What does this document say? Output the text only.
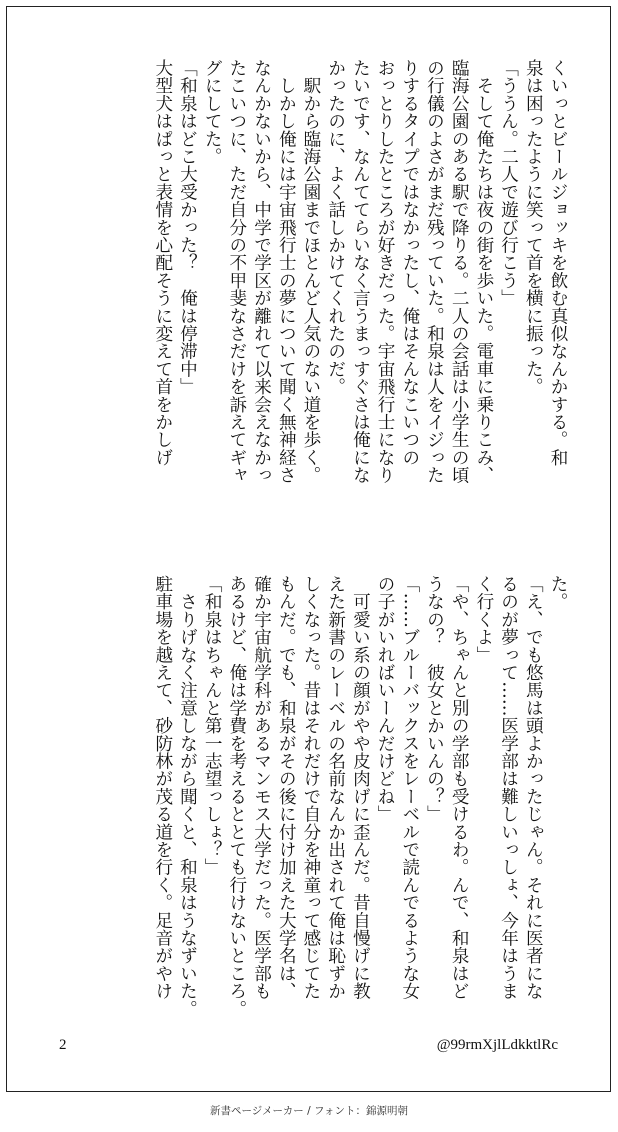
くいっとビールジョッキを飲む真似なんかする。和
泉は困ったように笑って首を横に振った。
「ううん。二人で遊び行こう」
　そして俺たちは夜の街を歩いた。電車に乗りこみ、
臨海公園のある駅で降りる。二人の会話は小学生の頃
の行儀のよさがまだ残っていた。和泉は人をイジった
りするタイプではなかったし、俺はそんなこいつの
おっとりしたところが好きだった。宇宙飛行士になり
たいです、なんててらいなく言うまっすぐさは俺にな
かったのに、よく話しかけてくれたのだ。
　駅から臨海公園までほとんど人気のない道を歩く。
　しかし俺には宇宙飛行士の夢について聞く無神経さ
なんかないから、中学で学区が離れて以来会えなかっ
たこいつに、ただ自分の不甲斐なさだけを訴えてギャ
グにしてた。
「和泉はどこ大受かった？　俺は停滞中」
大型犬はぱっと表情を心配そうに変えて首をかしげ
た。
「え、でも悠馬は頭よかったじゃん。それに医者にな
るのが夢って……医学部は難しいっしょ、今年はうま
く行くよ」
「や、ちゃんと別の学部も受けるわ。んで、和泉はど
うなの？　彼女とかいんの？」
「……ブルーバックスをレーベルで読んでるような女
の子がいればいーんだけどね」
　可愛い系の顔がやや皮肉げに歪んだ。昔自慢げに教
えた新書のレーベルの名前なんか出されて俺は恥ずか
しくなった。昔はそれだけで自分を神童って感じてた
もんだ。でも、和泉がその後に付け加えた大学名は、
確か宇宙航学科があるマンモス大学だった。医学部も
あるけど、俺は学費を考えるととても行けないところ。
「和泉はちゃんと第一志望っしょ？」
　さりげなく注意しながら聞くと、和泉はうなずいた。
駐車場を越えて、砂防林が茂る道を行く。足音がやけ
2	@99rmXjlLdkktlRc
新書ページメーカー / フォント：錦源明朝
